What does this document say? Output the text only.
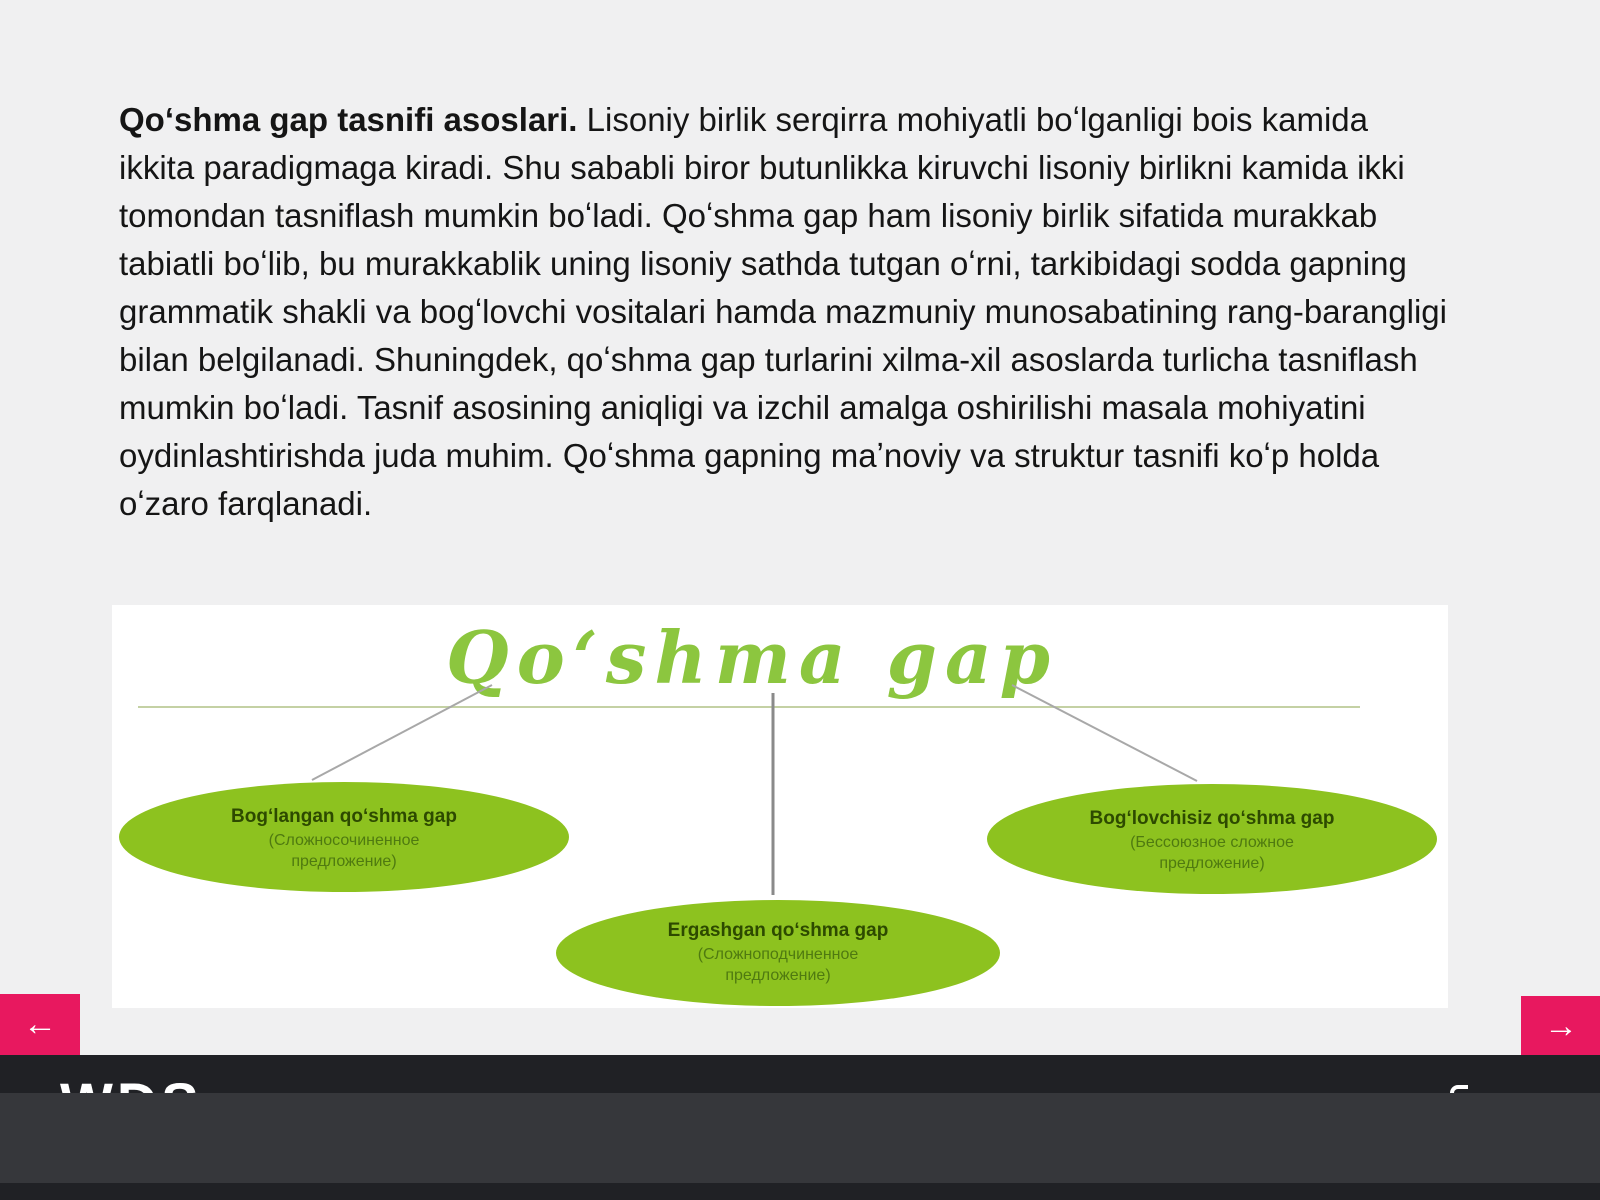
Qoʻshma gap tasnifi asoslari. Lisoniy birlik serqirra mohiyatli boʻlganligi bois kamida ikkita paradigmaga kiradi. Shu sababli biror butunlikka kiruvchi lisoniy birlikni kamida ikki tomondan tasniflash mumkin boʻladi. Qoʻshma gap ham lisoniy birlik sifatida murakkab tabiatli boʻlib, bu murakkablik uning lisoniy sathda tutgan oʻrni, tarkibidagi sodda gapning grammatik shakli va bogʻlovchi vositalari hamda mazmuniy munosabatining rang-barangligi bilan belgilanadi. Shuningdek, qoʻshma gap turlarini xilma-xil asoslarda turlicha tasniflash mumkin boʻladi. Tasnif asosining aniqligi va izchil amalga oshirilishi masala mohiyatini oydinlashtirishda juda muhim. Qoʻshma gapning maʼnoviy va struktur tasnifi koʻp holda oʻzaro farqlanadi.

Qoʻshma gap
Bogʻlangan qoʻshma gap
(Сложносочиненное
предложение)
Bogʻlovchisiz qoʻshma gap
(Бессоюзное сложное
предложение)
Ergashgan qoʻshma gap
(Сложноподчиненное
предложение)
←	→
